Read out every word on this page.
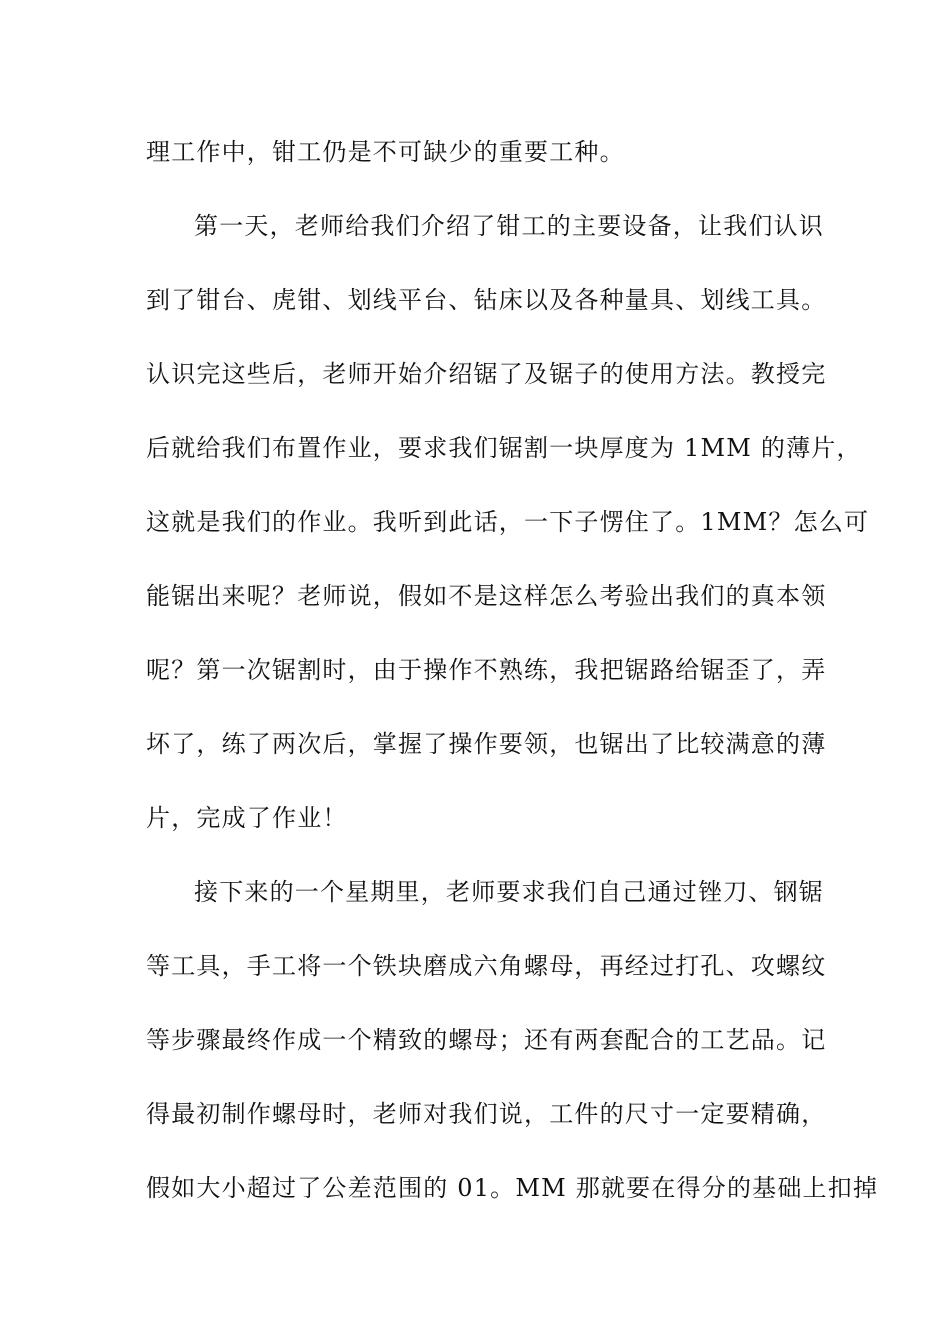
理工作中，钳工仍是不可缺少的重要工种。
第一天，老师给我们介绍了钳工的主要设备，让我们认识
到了钳台、虎钳、划线平台、钻床以及各种量具、划线工具。
认识完这些后，老师开始介绍锯了及锯子的使用方法。教授完
后就给我们布置作业，要求我们锯割一块厚度为 1MM 的薄片，
这就是我们的作业。我听到此话，一下子愣住了。1MM？怎么可
能锯出来呢？老师说，假如不是这样怎么考验出我们的真本领
呢？第一次锯割时，由于操作不熟练，我把锯路给锯歪了，弄
坏了，练了两次后，掌握了操作要领，也锯出了比较满意的薄
片，完成了作业！
接下来的一个星期里，老师要求我们自己通过锉刀、钢锯
等工具，手工将一个铁块磨成六角螺母，再经过打孔、攻螺纹
等步骤最终作成一个精致的螺母；还有两套配合的工艺品。记
得最初制作螺母时，老师对我们说，工件的尺寸一定要精确，
假如大小超过了公差范围的 01。MM 那就要在得分的基础上扣掉
